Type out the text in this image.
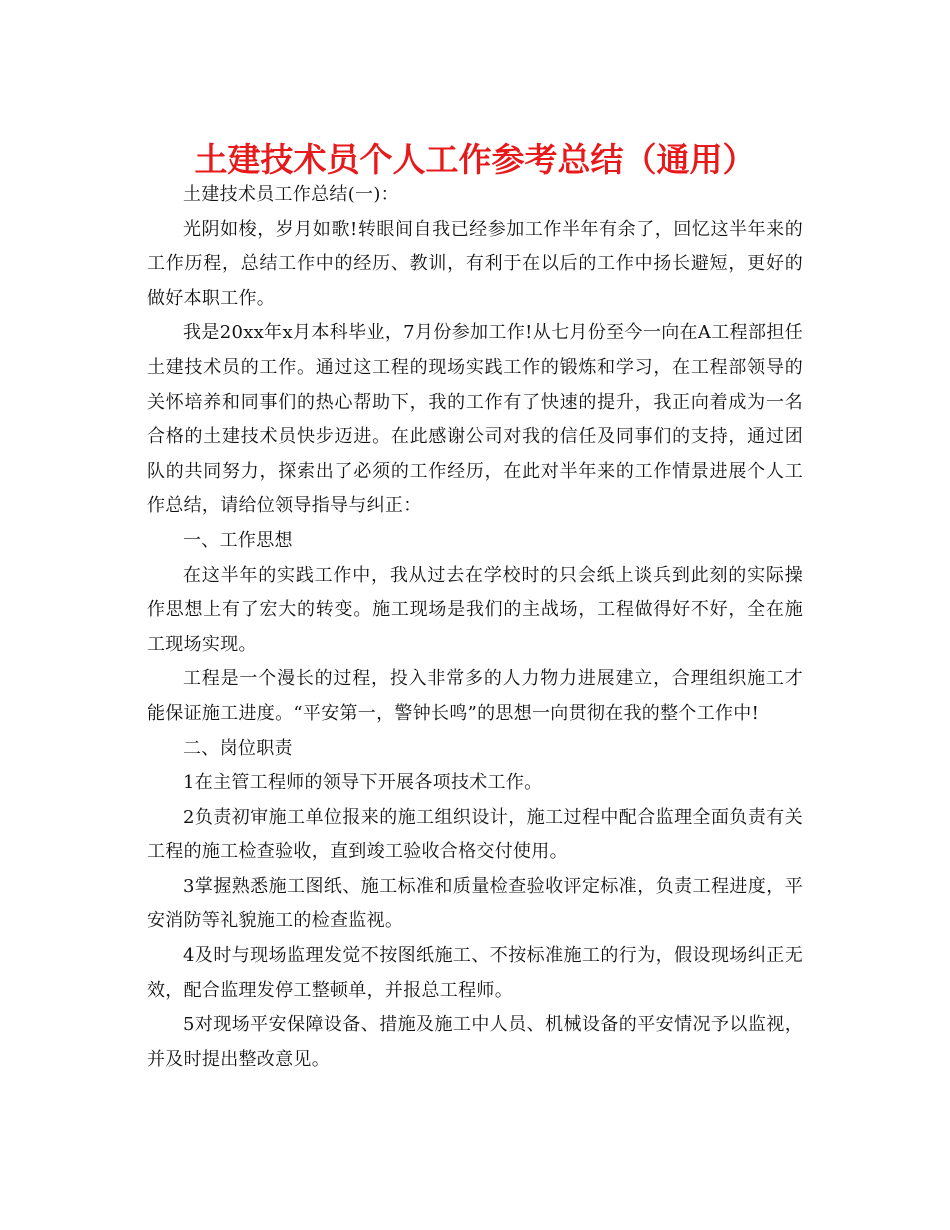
土建技术员个人工作参考总结（通用）

土建技术员工作总结(一)：

光阴如梭，岁月如歌!转眼间自我已经参加工作半年有余了，回忆这半年来的工作历程，总结工作中的经历、教训，有利于在以后的工作中扬长避短，更好的做好本职工作。

我是20xx年x月本科毕业，7月份参加工作!从七月份至今一向在A工程部担任土建技术员的工作。通过这工程的现场实践工作的锻炼和学习，在工程部领导的关怀培养和同事们的热心帮助下，我的工作有了快速的提升，我正向着成为一名合格的土建技术员快步迈进。在此感谢公司对我的信任及同事们的支持，通过团队的共同努力，探索出了必须的工作经历，在此对半年来的工作情景进展个人工作总结，请给位领导指导与纠正：

一、工作思想

在这半年的实践工作中，我从过去在学校时的只会纸上谈兵到此刻的实际操作思想上有了宏大的转变。施工现场是我们的主战场，工程做得好不好，全在施工现场实现。

工程是一个漫长的过程，投入非常多的人力物力进展建立，合理组织施工才能保证施工进度。“平安第一，警钟长鸣”的思想一向贯彻在我的整个工作中!

二、岗位职责

1在主管工程师的领导下开展各项技术工作。

2负责初审施工单位报来的施工组织设计，施工过程中配合监理全面负责有关工程的施工检查验收，直到竣工验收合格交付使用。

3掌握熟悉施工图纸、施工标准和质量检查验收评定标准，负责工程进度，平安消防等礼貌施工的检查监视。

4及时与现场监理发觉不按图纸施工、不按标准施工的行为，假设现场纠正无效，配合监理发停工整顿单，并报总工程师。

5对现场平安保障设备、措施及施工中人员、机械设备的平安情况予以监视，并及时提出整改意见。
